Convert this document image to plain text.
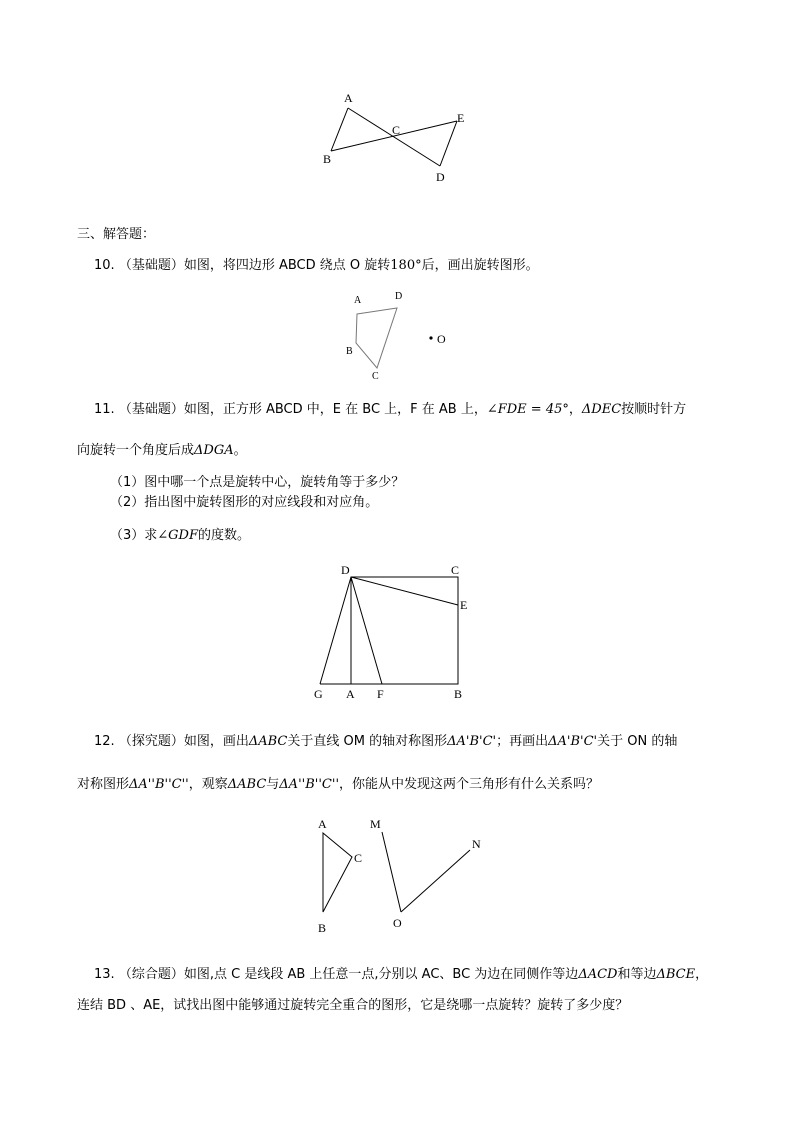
A
B
C
D
E
三、解答题：
10. （基础题）如图，将四边形 ABCD 绕点 O 旋转180°后，画出旋转图形。
A	D
B
C
O
11. （基础题）如图，正方形 ABCD 中，E 在 BC 上，F 在 AB 上，∠FDE = 45°，ΔDEC按顺时针方
向旋转一个角度后成ΔDGA。
（1）图中哪一个点是旋转中心，旋转角等于多少？
（2）指出图中旋转图形的对应线段和对应角。
（3）求∠GDF的度数。
D	C
E
G A F	B
12. （探究题）如图，画出ΔABC关于直线 OM 的轴对称图形ΔA'B'C'；再画出ΔA'B'C'关于 ON 的轴
对称图形ΔA''B''C''，观察ΔABC与ΔA''B''C''，你能从中发现这两个三角形有什么关系吗？
A
C
B
M
N
O
13. （综合题）如图,点 C 是线段 AB 上任意一点,分别以 AC、BC 为边在同侧作等边ΔACD和等边ΔBCE，
连结 BD 、AE，试找出图中能够通过旋转完全重合的图形，它是绕哪一点旋转？旋转了多少度？
